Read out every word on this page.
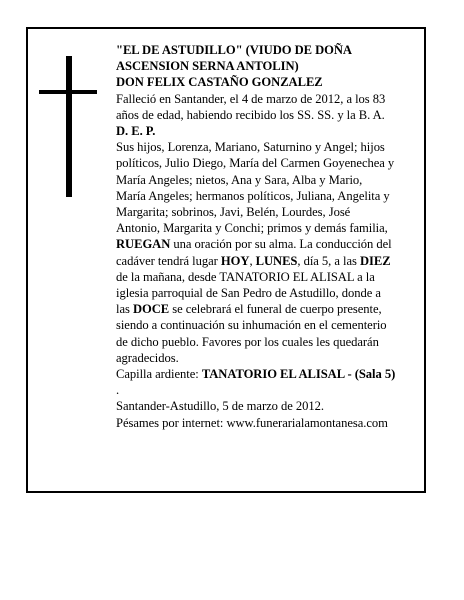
"EL DE ASTUDILLO" (VIUDO DE DOÑA
ASCENSION SERNA ANTOLIN)
DON FELIX CASTAÑO GONZALEZ

Falleció en Santander, el 4 de marzo de 2012, a los 83
años de edad, habiendo recibido los SS. SS. y la B. A.

D. E. P.

Sus hijos, Lorenza, Mariano, Saturnino y Angel; hijos
políticos, Julio Diego, María del Carmen Goyenechea y
María Angeles; nietos, Ana y Sara, Alba y Mario,
María Angeles; hermanos políticos, Juliana, Angelita y
Margarita; sobrinos, Javi, Belén, Lourdes, José
Antonio, Margarita y Conchi; primos y demás familia,
RUEGAN una oración por su alma. La conducción del
cadáver tendrá lugar HOY, LUNES, día 5, a las DIEZ
de la mañana, desde TANATORIO EL ALISAL a la
iglesia parroquial de San Pedro de Astudillo, donde a
las DOCE se celebrará el funeral de cuerpo presente,
siendo a continuación su inhumación en el cementerio
de dicho pueblo. Favores por los cuales les quedarán
agradecidos.

Capilla ardiente: TANATORIO EL ALISAL - (Sala 5)
.

Santander-Astudillo, 5 de marzo de 2012.

Pésames por internet: www.funerarialamontanesa.com
